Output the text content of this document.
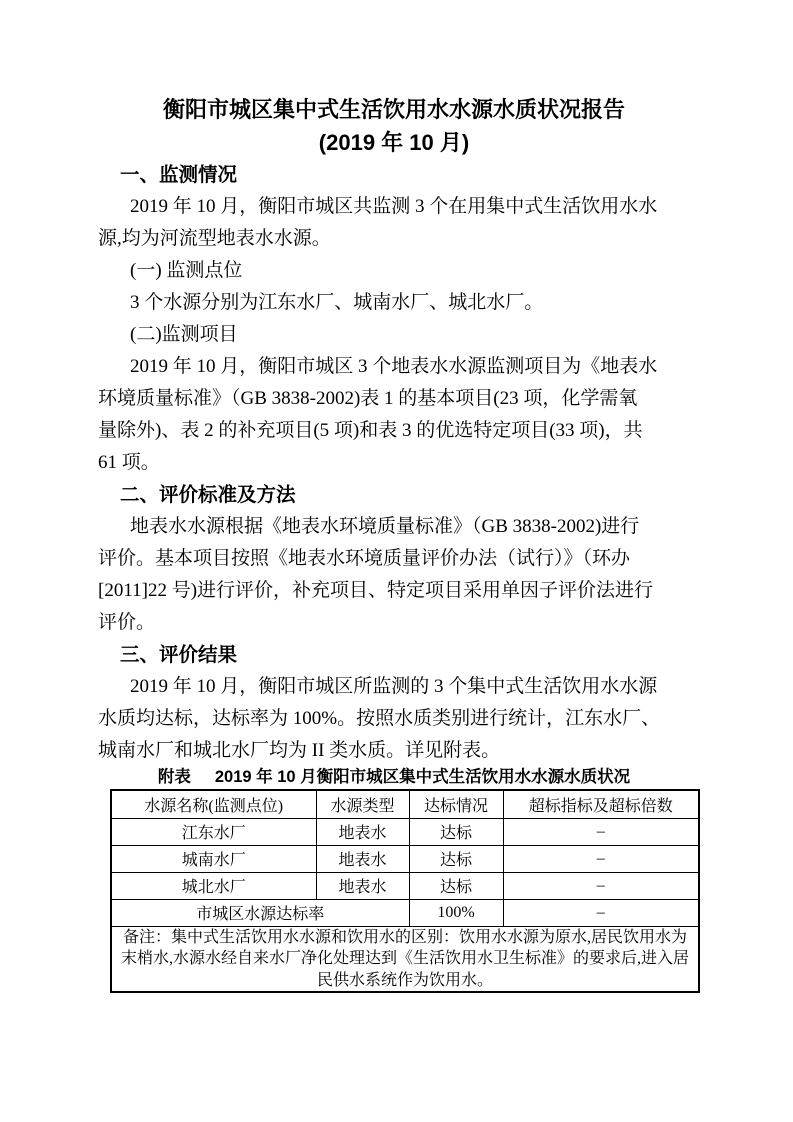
衡阳市城区集中式生活饮用水水源水质状况报告
(2019 年 10 月)
一、监测情况
2019 年 10 月，衡阳市城区共监测 3 个在用集中式生活饮用水水
源,均为河流型地表水水源。
(一) 监测点位
3 个水源分别为江东水厂、城南水厂、城北水厂。
(二)监测项目
2019 年 10 月，衡阳市城区 3 个地表水水源监测项目为《地表水
环境质量标准》（GB 3838-2002)表 1 的基本项目(23 项，化学需氧
量除外)、表 2 的补充项目(5 项)和表 3 的优选特定项目(33 项)，共
61 项。
二、评价标准及方法
地表水水源根据《地表水环境质量标准》（GB 3838-2002)进行
评价。基本项目按照《地表水环境质量评价办法（试行）》（环办
[2011]22 号)进行评价，补充项目、特定项目采用单因子评价法进行
评价。
三、评价结果
2019 年 10 月，衡阳市城区所监测的 3 个集中式生活饮用水水源
水质均达标，达标率为 100%。按照水质类别进行统计，江东水厂、
城南水厂和城北水厂均为 II 类水质。详见附表。
附表 2019 年 10 月衡阳市城区集中式生活饮用水水源水质状况
水源名称(监测点位)	水源类型	达标情况	超标指标及超标倍数
江东水厂	地表水	达标	–
城南水厂	地表水	达标	–
城北水厂	地表水	达标	–
市城区水源达标率		100%	–

备注：集中式生活饮用水水源和饮用水的区别：饮用水水源为原水,居民饮用水为
末梢水,水源水经自来水厂净化处理达到《生活饮用水卫生标准》的要求后,进入居
民供水系统作为饮用水。			
